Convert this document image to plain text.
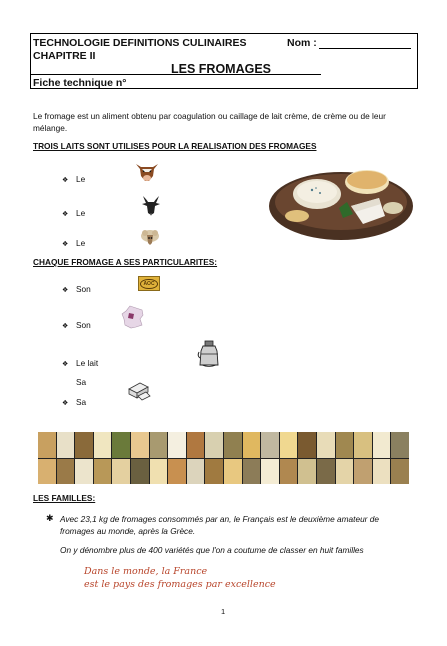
TECHNOLOGIE DEFINITIONS CULINAIRES
CHAPITRE II
Nom :
LES FROMAGES
Fiche technique n°
Le fromage est un aliment obtenu par coagulation ou caillage de lait crème, de crème ou de leur mélange.
TROIS LAITS SONT UTILISES POUR LA REALISATION DES FROMAGES
❖ Le
❖ Le
❖ Le
CHAQUE FROMAGE A SES PARTICULARITES:
❖ Son
❖ Son
❖ Le lait
Sa
❖ Sa
AOC
LES FAMILLES:
✱ Avec 23,1 kg de fromages consommés par an, le Français est le deuxième amateur de fromages au monde, après la Grèce.
On y dénombre plus de 400 variétés que l'on a coutume de classer en huit familles
Dans le monde, la France
est le pays des fromages par excellence
1
